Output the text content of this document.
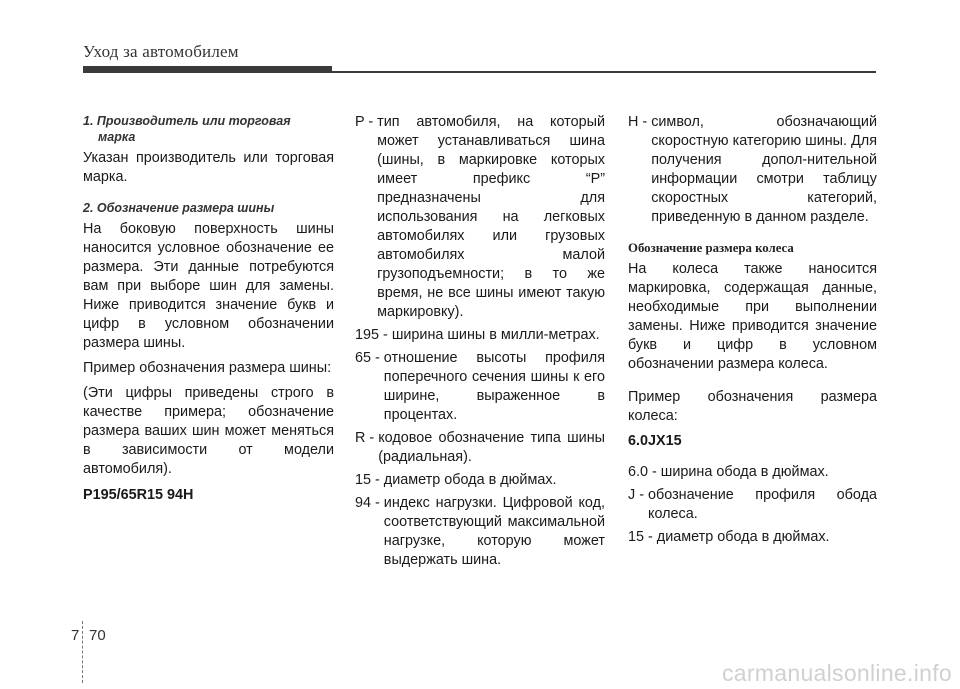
Уход за автомобилем

1. Производитель или торговая
марка

Указан производитель или торговая марка.

2. Обозначение размера шины

На боковую поверхность шины наносится условное обозначение ее размера. Эти данные потребуются вам при выборе шин для замены. Ниже приводится значение букв и цифр в условном обозначении размера шины.

Пример обозначения размера шины:

(Эти цифры приведены строго в качестве примера; обозначение размера ваших шин может меняться в зависимости от модели автомобиля).

P195/65R15 94H

P - тип автомобиля, на который может устанавливаться шина (шины, в маркировке которых имеет префикс “P” предназначены для использования на легковых автомобилях или грузовых автомобилях малой грузоподъемности; в то же время, не все шины имеют такую маркировку).
195 - ширина шины в милли-метрах.
65 - отношение высоты профиля поперечного сечения шины к его ширине, выраженное в процентах.
R - кодовое обозначение типа шины (радиальная).
15 - диаметр обода в дюймах.
94 - индекс нагрузки. Цифровой код, соответствующий максимальной нагрузке, которую может выдержать шина.
H - символ, обозначающий скоростную категорию шины. Для получения допол-нительной информации смотри таблицу скоростных категорий, приведенную в данном разделе.

Обозначение размера колеса

На колеса также наносится маркировка, содержащая данные, необходимые при выполнении замены. Ниже приводится значение букв и цифр в условном обозначении размера колеса.

Пример обозначения размера колеса:

6.0JX15

6.0 - ширина обода в дюймах.

J - обозначение профиля обода колеса.

15 - диаметр обода в дюймах.

7 70
carmanualsonline.info
